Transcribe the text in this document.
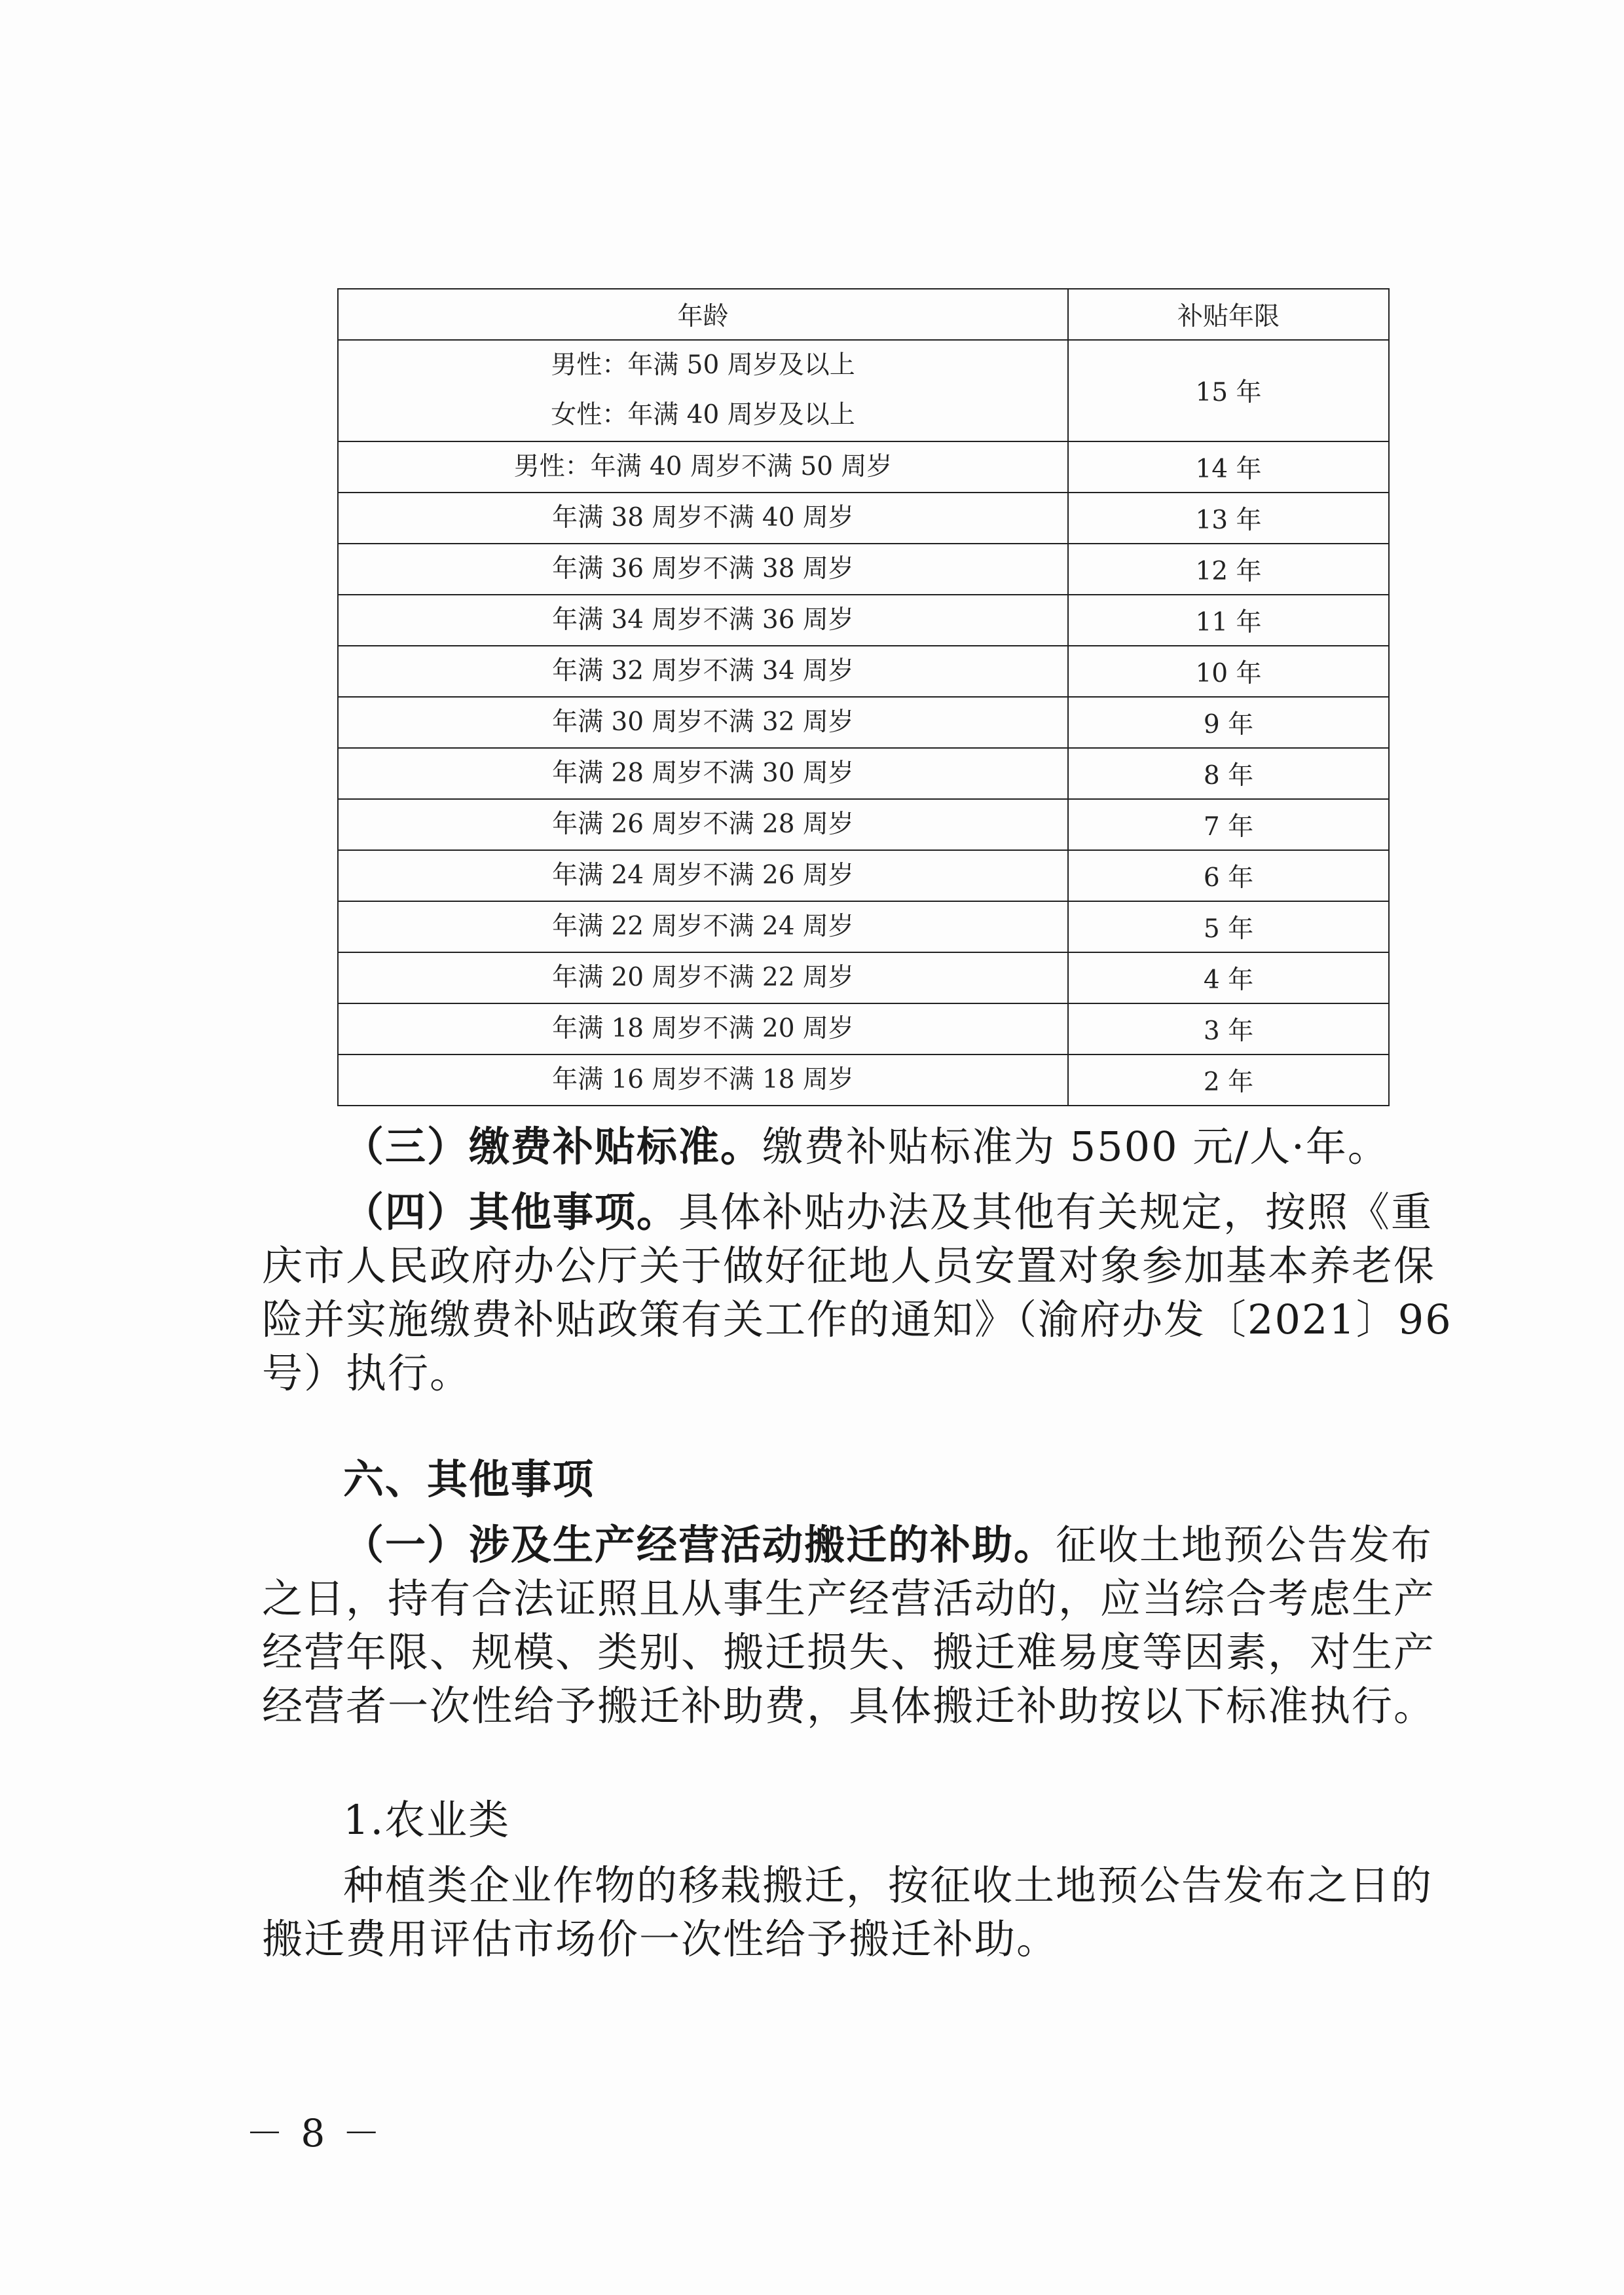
年龄	补贴年限

男性：年满 50 周岁及以上
女性：年满 40 周岁及以上	15 年

男性：年满 40 周岁不满 50 周岁	14 年

年满 38 周岁不满 40 周岁	13 年

年满 36 周岁不满 38 周岁	12 年

年满 34 周岁不满 36 周岁	11 年

年满 32 周岁不满 34 周岁	10 年

年满 30 周岁不满 32 周岁	9 年

年满 28 周岁不满 30 周岁	8 年

年满 26 周岁不满 28 周岁	7 年

年满 24 周岁不满 26 周岁	6 年

年满 22 周岁不满 24 周岁	5 年

年满 20 周岁不满 22 周岁	4 年

年满 18 周岁不满 20 周岁	3 年

年满 16 周岁不满 18 周岁	2 年

（三）缴费补贴标准。缴费补贴标准为 5500 元/人·年。

（四）其他事项。具体补贴办法及其他有关规定，按照《重庆市人民政府办公厅关于做好征地人员安置对象参加基本养老保险并实施缴费补贴政策有关工作的通知》（渝府办发〔2021〕96 号）执行。

六、其他事项

（一）涉及生产经营活动搬迁的补助。征收土地预公告发布之日，持有合法证照且从事生产经营活动的，应当综合考虑生产经营年限、规模、类别、搬迁损失、搬迁难易度等因素，对生产经营者一次性给予搬迁补助费，具体搬迁补助按以下标准执行。

1.农业类

种植类企业作物的移栽搬迁，按征收土地预公告发布之日的搬迁费用评估市场价一次性给予搬迁补助。

－ 8 －
